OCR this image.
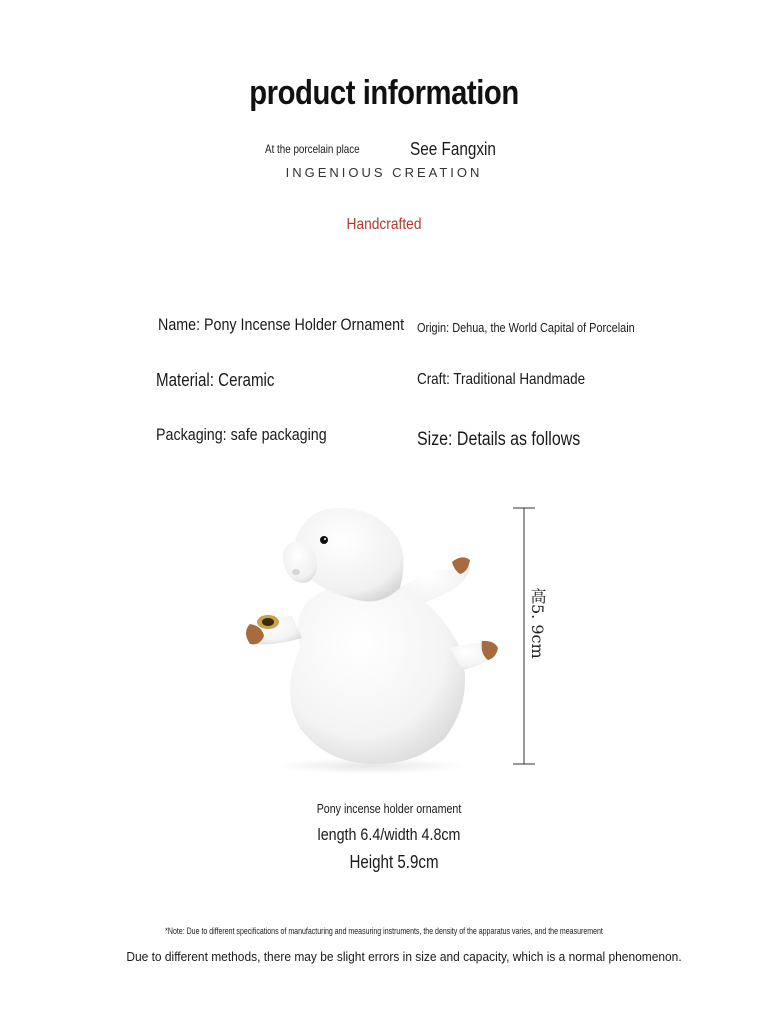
product information
At the porcelain place	See Fangxin
INGENIOUS CREATION
Handcrafted
Name: Pony Incense Holder Ornament Origin: Dehua, the World Capital of Porcelain
Material: Ceramic	Craft: Traditional Handmade
Packaging: safe packaging	Size: Details as follows
高5. 9cm
Pony incense holder ornament
length 6.4/width 4.8cm
Height 5.9cm
*Note: Due to different specifications of manufacturing and measuring instruments, the density of the apparatus varies, and the measurement
Due to different methods, there may be slight errors in size and capacity, which is a normal phenomenon.
